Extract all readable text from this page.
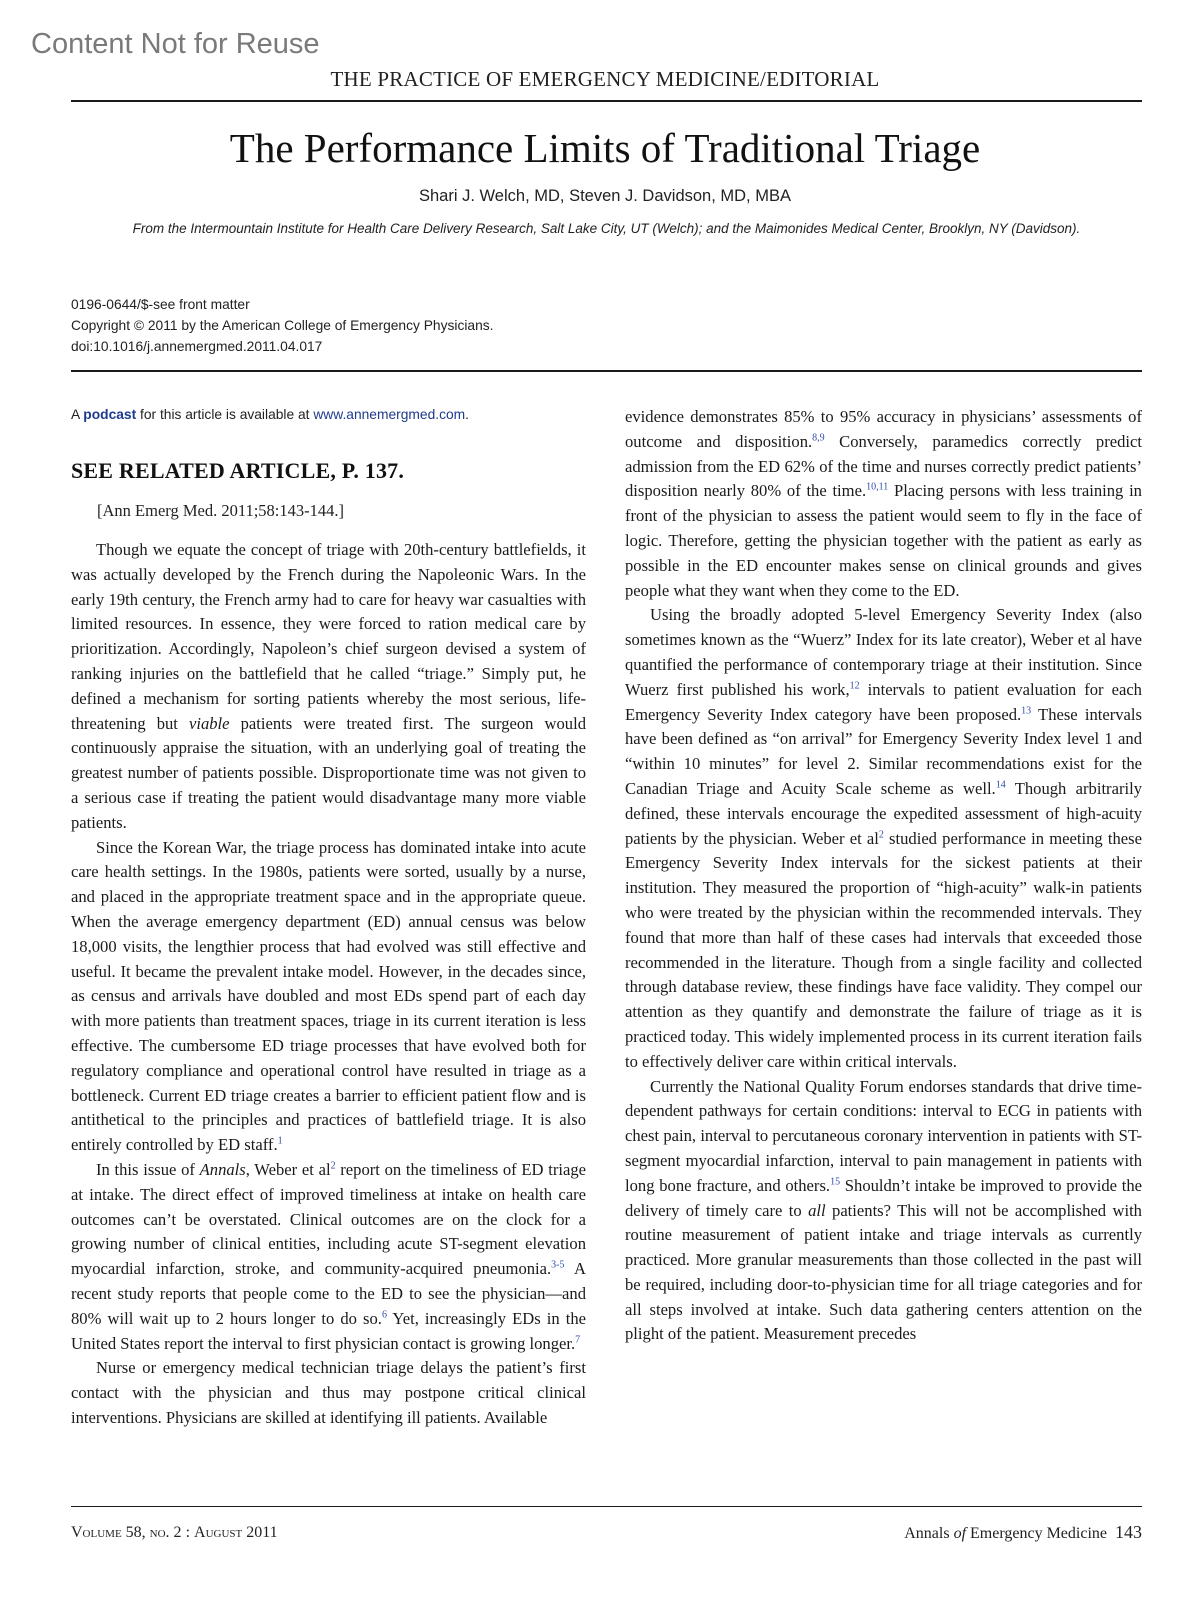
Content Not for Reuse
THE PRACTICE OF EMERGENCY MEDICINE/EDITORIAL
The Performance Limits of Traditional Triage
Shari J. Welch, MD, Steven J. Davidson, MD, MBA
From the Intermountain Institute for Health Care Delivery Research, Salt Lake City, UT (Welch); and the Maimonides Medical Center, Brooklyn, NY (Davidson).
0196-0644/$-see front matter
Copyright © 2011 by the American College of Emergency Physicians.
doi:10.1016/j.annemergmed.2011.04.017
A podcast for this article is available at www.annemergmed.com.
SEE RELATED ARTICLE, P. 137.
[Ann Emerg Med. 2011;58:143-144.]

Though we equate the concept of triage with 20th-century battlefields, it was actually developed by the French during the Napoleonic Wars. In the early 19th century, the French army had to care for heavy war casualties with limited resources. In essence, they were forced to ration medical care by prioritization. Accordingly, Napoleon’s chief surgeon devised a system of ranking injuries on the battlefield that he called “triage.” Simply put, he defined a mechanism for sorting patients whereby the most serious, life-threatening but viable patients were treated first. The surgeon would continuously appraise the situation, with an underlying goal of treating the greatest number of patients possible. Disproportionate time was not given to a serious case if treating the patient would disadvantage many more viable patients.

Since the Korean War, the triage process has dominated intake into acute care health settings. In the 1980s, patients were sorted, usually by a nurse, and placed in the appropriate treatment space and in the appropriate queue. When the average emergency department (ED) annual census was below 18,000 visits, the lengthier process that had evolved was still effective and useful. It became the prevalent intake model. However, in the decades since, as census and arrivals have doubled and most EDs spend part of each day with more patients than treatment spaces, triage in its current iteration is less effective. The cumbersome ED triage processes that have evolved both for regulatory compliance and operational control have resulted in triage as a bottleneck. Current ED triage creates a barrier to efficient patient flow and is antithetical to the principles and practices of battlefield triage. It is also entirely controlled by ED staff.$^1$

In this issue of Annals, Weber et $al^2$ report on the timeliness of ED triage at intake. The direct effect of improved timeliness at intake on health care outcomes can’t be overstated. Clinical outcomes are on the clock for a growing number of clinical entities, including acute ST-segment elevation myocardial infarction, stroke, and community-acquired pneumonia.$^{3-5}$ A recent study reports that people come to the ED to see the physician—and 80% will wait up to 2 hours longer to do so.$^6$ Yet, increasingly EDs in the United States report the interval to first physician contact is growing longer.$^7$

Nurse or emergency medical technician triage delays the patient’s first contact with the physician and thus may postpone critical clinical interventions. Physicians are skilled at identifying ill patients. Available

evidence demonstrates 85% to 95% accuracy in physicians’ assessments of outcome and disposition.$^{8,9}$ Conversely, paramedics correctly predict admission from the ED 62% of the time and nurses correctly predict patients’ disposition nearly 80% of the time.$^{10,11}$ Placing persons with less training in front of the physician to assess the patient would seem to fly in the face of logic. Therefore, getting the physician together with the patient as early as possible in the ED encounter makes sense on clinical grounds and gives people what they want when they come to the ED.

Using the broadly adopted 5-level Emergency Severity Index (also sometimes known as the “Wuerz” Index for its late creator), Weber et al have quantified the performance of contemporary triage at their institution. Since Wuerz first published his work,$^{12}$ intervals to patient evaluation for each Emergency Severity Index category have been proposed.$^{13}$ These intervals have been defined as “on arrival” for Emergency Severity Index level 1 and “within 10 minutes” for level 2. Similar recommendations exist for the Canadian Triage and Acuity Scale scheme as well.$^{14}$ Though arbitrarily defined, these intervals encourage the expedited assessment of high-acuity patients by the physician. Weber et $al^2$ studied performance in meeting these Emergency Severity Index intervals for the sickest patients at their institution. They measured the proportion of “high-acuity” walk-in patients who were treated by the physician within the recommended intervals. They found that more than half of these cases had intervals that exceeded those recommended in the literature. Though from a single facility and collected through database review, these findings have face validity. They compel our attention as they quantify and demonstrate the failure of triage as it is practiced today. This widely implemented process in its current iteration fails to effectively deliver care within critical intervals.

Currently the National Quality Forum endorses standards that drive time-dependent pathways for certain conditions: interval to ECG in patients with chest pain, interval to percutaneous coronary intervention in patients with ST-segment myocardial infarction, interval to pain management in patients with long bone fracture, and others.$^{15}$ Shouldn’t intake be improved to provide the delivery of timely care to all patients? This will not be accomplished with routine measurement of patient intake and triage intervals as currently practiced. More granular measurements than those collected in the past will be required, including door-to-physician time for all triage categories and for all steps involved at intake. Such data gathering centers attention on the plight of the patient. Measurement precedes

Volume 58, no. 2 : August 2011	Annals of Emergency Medicine 143
